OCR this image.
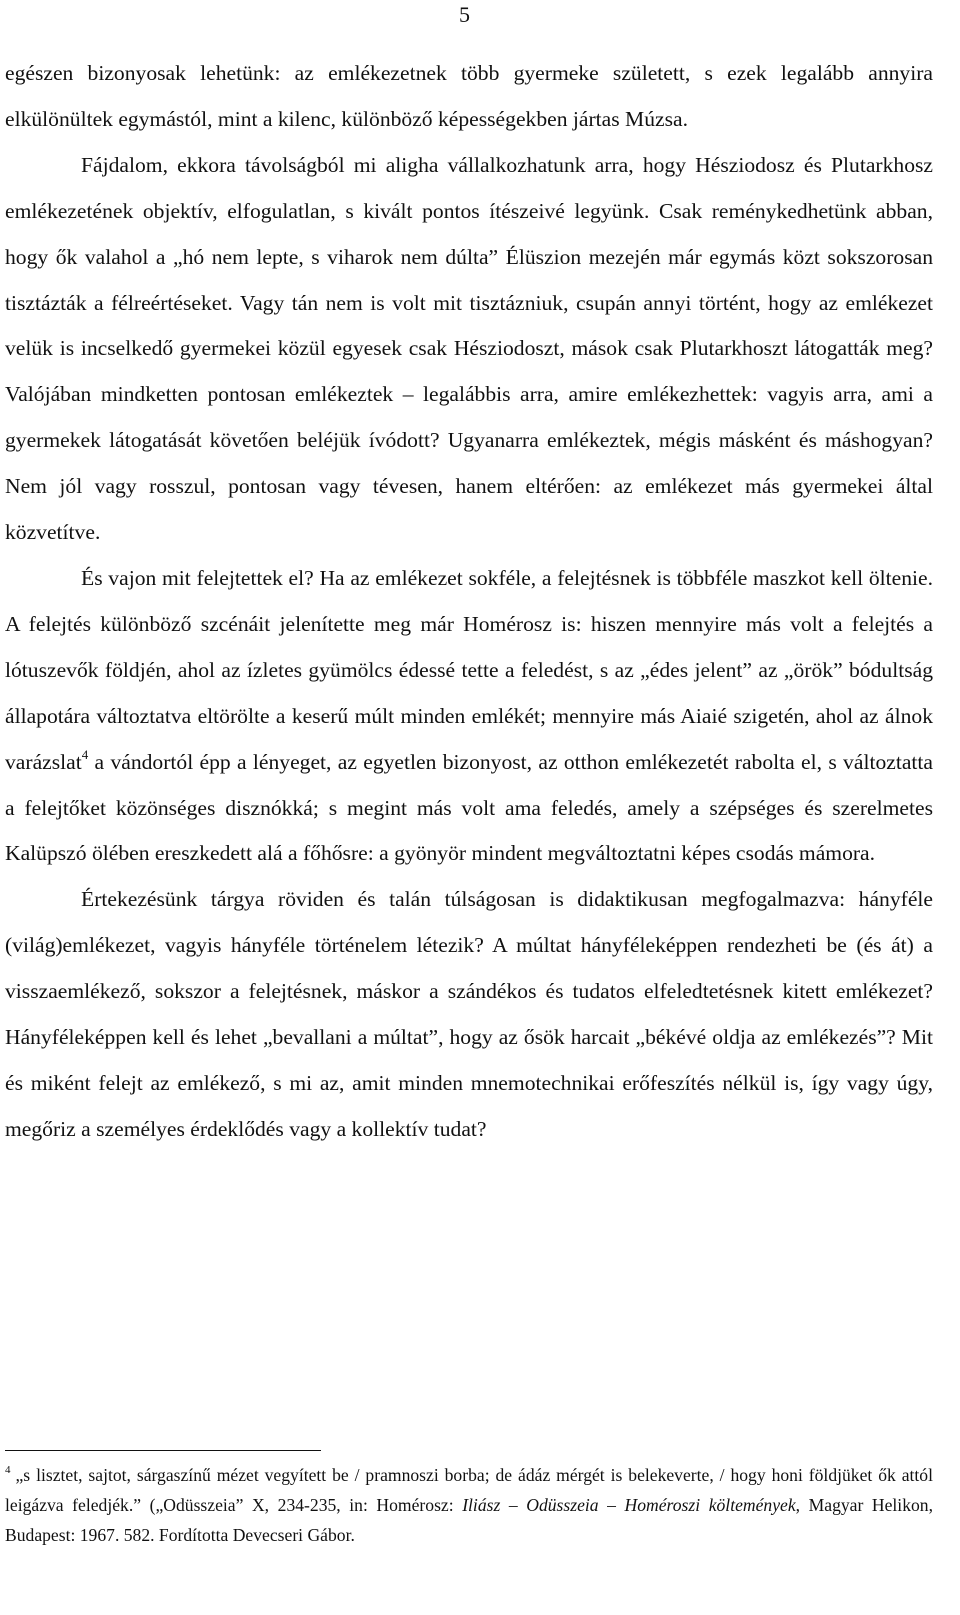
5

egészen bizonyosak lehetünk: az emlékezetnek több gyermeke született, s ezek legalább annyira elkülönültek egymástól, mint a kilenc, különböző képességekben jártas Múzsa.

Fájdalom, ekkora távolságból mi aligha vállalkozhatunk arra, hogy Hésziodosz és Plutarkhosz emlékezetének objektív, elfogulatlan, s kivált pontos ítészeivé legyünk. Csak reménykedhetünk abban, hogy ők valahol a „hó nem lepte, s viharok nem dúlta” Élüszion mezején már egymás közt sokszorosan tisztázták a félreértéseket. Vagy tán nem is volt mit tisztázniuk, csupán annyi történt, hogy az emlékezet velük is incselkedő gyermekei közül egyesek csak Hésziodoszt, mások csak Plutarkhoszt látogatták meg? Valójában mindketten pontosan emlékeztek – legalábbis arra, amire emlékezhettek: vagyis arra, ami a gyermekek látogatását követően beléjük ívódott? Ugyanarra emlékeztek, mégis másként és máshogyan? Nem jól vagy rosszul, pontosan vagy tévesen, hanem eltérően: az emlékezet más gyermekei által közvetítve.

És vajon mit felejtettek el? Ha az emlékezet sokféle, a felejtésnek is többféle maszkot kell öltenie. A felejtés különböző szcénáit jelenítette meg már Homérosz is: hiszen mennyire más volt a felejtés a lótuszevők földjén, ahol az ízletes gyümölcs édessé tette a feledést, s az „édes jelent” az „örök” bódultság állapotára változtatva eltörölte a keserű múlt minden emlékét; mennyire más Aiaié szigetén, ahol az álnok varázslat$^4$ a vándortól épp a lényeget, az egyetlen bizonyost, az otthon emlékezetét rabolta el, s változtatta a felejtőket közönséges disznókká; s megint más volt ama feledés, amely a szépséges és szerelmetes Kalüpszó ölében ereszkedett alá a főhősre: a gyönyör mindent megváltoztatni képes csodás mámora.

Értekezésünk tárgya röviden és talán túlságosan is didaktikusan megfogalmazva: hányféle (világ)emlékezet, vagyis hányféle történelem létezik? A múltat hányféleképpen rendezheti be (és át) a visszaemlékező, sokszor a felejtésnek, máskor a szándékos és tudatos elfeledtetésnek kitett emlékezet? Hányféleképpen kell és lehet „bevallani a múltat”, hogy az ősök harcait „békévé oldja az emlékezés”? Mit és miként felejt az emlékező, s mi az, amit minden mnemotechnikai erőfeszítés nélkül is, így vagy úgy, megőriz a személyes érdeklődés vagy a kollektív tudat?

$^4$ „s lisztet, sajtot, sárgaszínű mézet vegyített be / pramnoszi borba; de ádáz mérgét is belekeverte, / hogy honi földjüket ők attól leigázva feledjék.” („Odüsszeia” X, 234-235, in: Homérosz: Iliász – Odüsszeia – Homéroszi költemények, Magyar Helikon, Budapest: 1967. 582. Fordította Devecseri Gábor.
